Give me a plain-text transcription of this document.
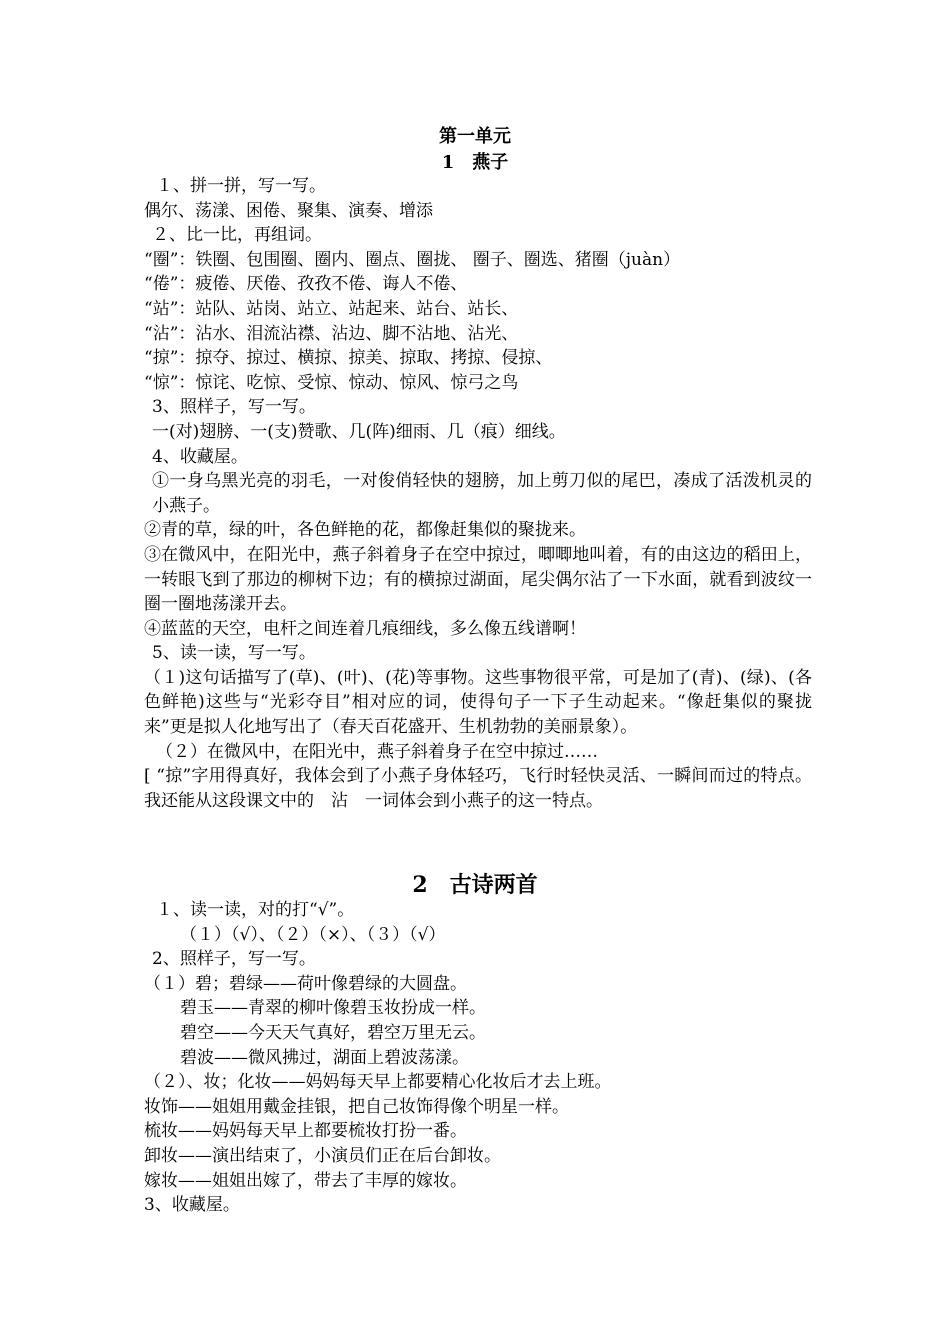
第一单元
1　燕子
１、拼一拼，写一写。
偶尔、荡漾、困倦、聚集、演奏、增添
２、比一比，再组词。
“圈”：铁圈、包围圈、圈内、圈点、圈拢、 圈子、圈选、猪圈（juàn）
“倦”：疲倦、厌倦、孜孜不倦、诲人不倦、
“站”：站队、站岗、站立、站起来、站台、站长、
“沾”：沾水、泪流沾襟、沾边、脚不沾地、沾光、
“掠”：掠夺、掠过、横掠、掠美、掠取、拷掠、侵掠、
“惊”：惊诧、吃惊、受惊、惊动、惊风、惊弓之鸟
3、照样子，写一写。
一(对)翅膀、一(支)赞歌、几(阵)细雨、几（痕）细线。
4、收藏屋。
①一身乌黑光亮的羽毛，一对俊俏轻快的翅膀，加上剪刀似的尾巴，凑成了活泼机灵的小燕子。
②青的草，绿的叶，各色鲜艳的花，都像赶集似的聚拢来。
③在微风中，在阳光中，燕子斜着身子在空中掠过，唧唧地叫着，有的由这边的稻田上，一转眼飞到了那边的柳树下边；有的横掠过湖面，尾尖偶尔沾了一下水面，就看到波纹一圈一圈地荡漾开去。
④蓝蓝的天空，电杆之间连着几痕细线，多么像五线谱啊！
5、读一读，写一写。
（１)这句话描写了(草)、(叶)、(花)等事物。这些事物很平常，可是加了(青)、(绿)、(各色鲜艳)这些与“光彩夺目”相对应的词，使得句子一下子生动起来。“像赶集似的聚拢来”更是拟人化地写出了（春天百花盛开、生机勃勃的美丽景象）。
（２）在微风中，在阳光中，燕子斜着身子在空中掠过……
[ “掠”字用得真好，我体会到了小燕子身体轻巧，飞行时轻快灵活、一瞬间而过的特点。我还能从这段课文中的　沾　一词体会到小燕子的这一特点。
2　古诗两首
１、读一读，对的打“√”。
（１）（√）、（２）（×）、（３）（√）
2、照样子，写一写。
（１）碧；碧绿——荷叶像碧绿的大圆盘。
碧玉——青翠的柳叶像碧玉妆扮成一样。
碧空——今天天气真好，碧空万里无云。
碧波——微风拂过，湖面上碧波荡漾。
（２）、妆；化妆——妈妈每天早上都要精心化妆后才去上班。
妆饰——姐姐用戴金挂银，把自己妆饰得像个明星一样。
梳妆——妈妈每天早上都要梳妆打扮一番。
卸妆——演出结束了，小演员们正在后台卸妆。
嫁妆——姐姐出嫁了，带去了丰厚的嫁妆。
3、收藏屋。
